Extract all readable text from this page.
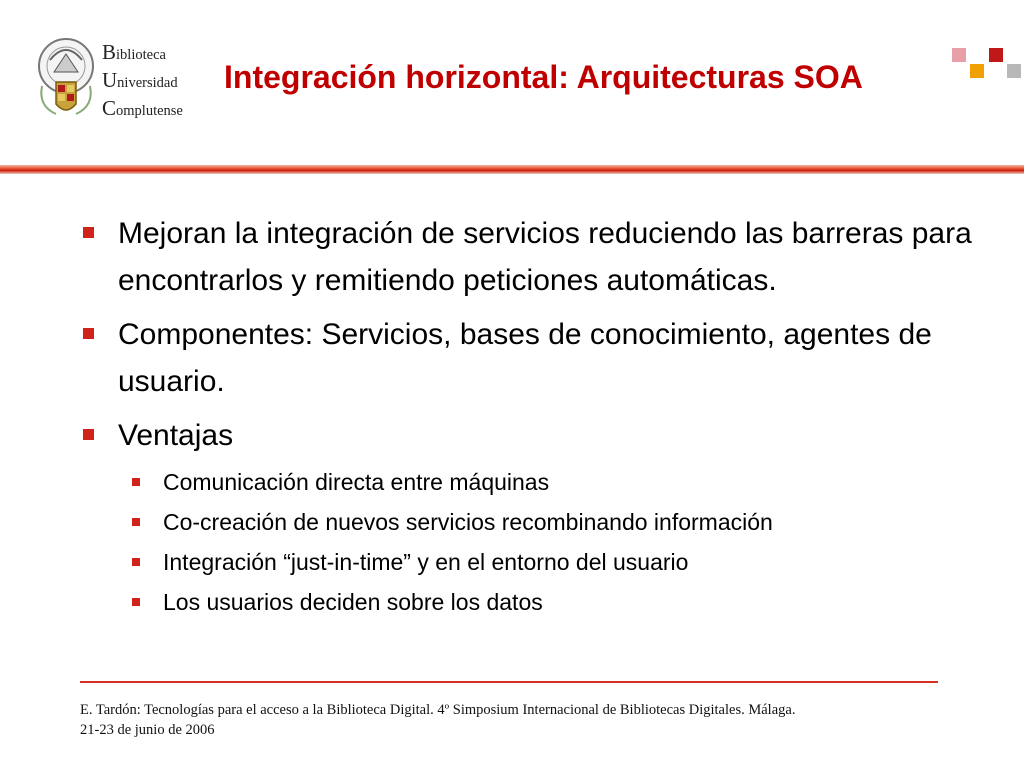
Biblioteca
Universidad
Complutense
Integración horizontal: Arquitecturas SOA
Mejoran la integración de servicios reduciendo las barreras para encontrarlos y remitiendo peticiones automáticas.
Componentes: Servicios, bases de conocimiento, agentes de usuario.
Ventajas
Comunicación directa entre máquinas
Co-creación de nuevos servicios recombinando información
Integración “just-in-time” y en el entorno del usuario
Los usuarios deciden sobre los datos
E. Tardón: Tecnologías para el acceso a la Biblioteca Digital. 4º Simposium Internacional de Bibliotecas Digitales. Málaga.
21-23 de junio de 2006
